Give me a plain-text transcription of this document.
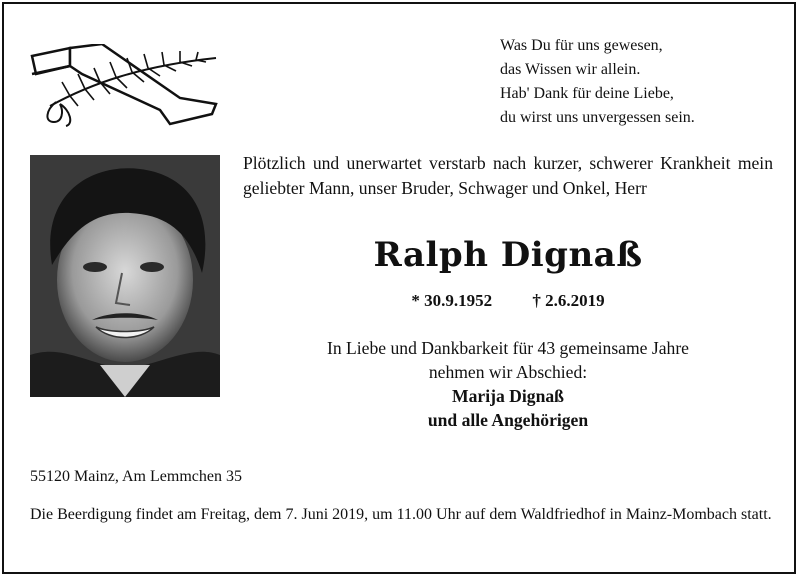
Was Du für uns gewesen,
das Wissen wir allein.
Hab' Dank für deine Liebe,
du wirst uns unvergessen sein.
Plötzlich und unerwartet verstarb nach kurzer, schwerer Krankheit mein geliebter Mann, unser Bruder, Schwager und Onkel, Herr
Ralph Dignaß
* 30.9.1952 † 2.6.2019
In Liebe und Dankbarkeit für 43 gemeinsame Jahre
nehmen wir Abschied:
Marija Dignaß
und alle Angehörigen
55120 Mainz, Am Lemmchen 35
Die Beerdigung findet am Freitag, dem 7. Juni 2019, um 11.00 Uhr auf dem Waldfriedhof in Mainz-Mombach statt.
